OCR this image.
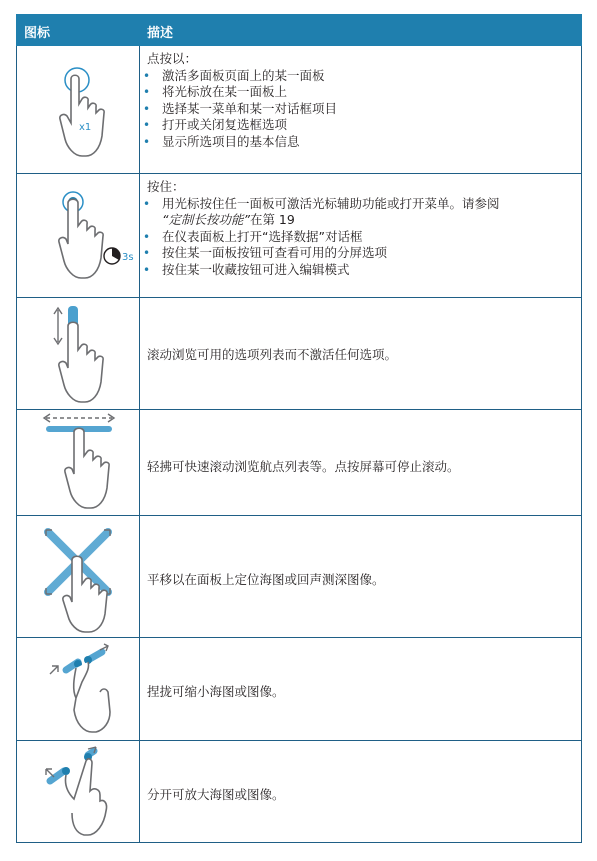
图标	描述
x1
点按以：
• 激活多面板页面上的某一面板
• 将光标放在某一面板上
• 选择某一菜单和某一对话框项目
• 打开或关闭复选框选项
• 显示所选项目的基本信息
3s
按住：
• 用光标按住任一面板可激活光标辅助功能或打开菜单。请参阅
“定制长按功能”在第 19
• 在仪表面板上打开“选择数据”对话框
• 按住某一面板按钮可查看可用的分屏选项
• 按住某一收藏按钮可进入编辑模式
滚动浏览可用的选项列表而不激活任何选项。
轻拂可快速滚动浏览航点列表等。点按屏幕可停止滚动。
平移以在面板上定位海图或回声测深图像。
捏拢可缩小海图或图像。
分开可放大海图或图像。
